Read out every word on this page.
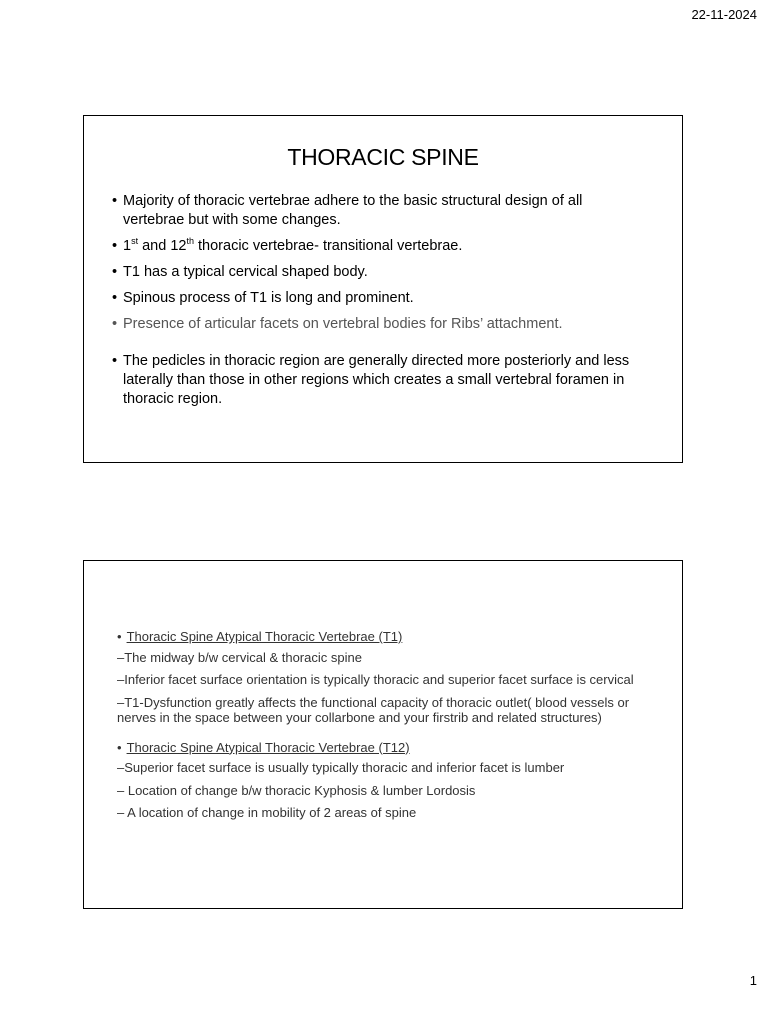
22-11-2024
THORACIC SPINE
• Majority of thoracic vertebrae adhere to the basic structural design of all vertebrae but with some changes.
• 1st and 12th thoracic vertebrae- transitional vertebrae.
• T1 has a typical cervical shaped body.
• Spinous process of T1 is long and prominent.
• Presence of articular facets on vertebral bodies for Ribs’ attachment.
• The pedicles in thoracic region are generally directed more posteriorly and less laterally than those in other regions which creates a small vertebral foramen in thoracic region.
• Thoracic Spine Atypical Thoracic Vertebrae (T1)
–The midway b/w cervical & thoracic spine
–Inferior facet surface orientation is typically thoracic and superior facet surface is cervical
–T1-Dysfunction greatly affects the functional capacity of thoracic outlet( blood vessels or nerves in the space between your collarbone and your firstrib and related structures)
• Thoracic Spine Atypical Thoracic Vertebrae (T12)
–Superior facet surface is usually typically thoracic and inferior facet is lumber
– Location of change b/w thoracic Kyphosis & lumber Lordosis
– A location of change in mobility of 2 areas of spine
1
